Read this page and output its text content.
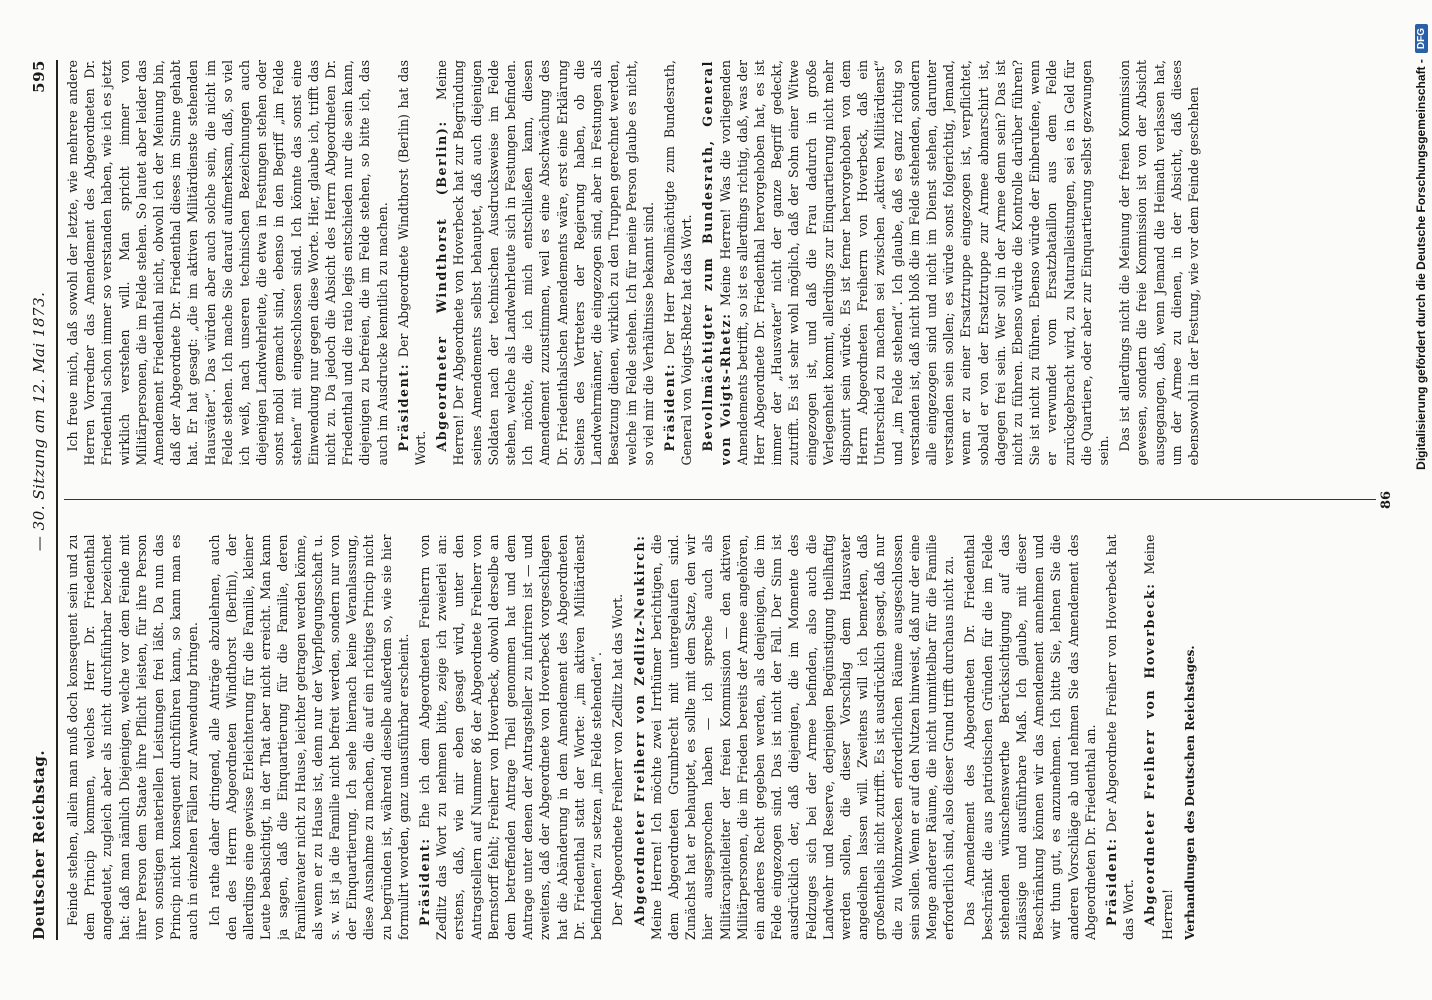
Deutscher Reichstag.
— 30. Sitzung am 12. Mai 1873.
595

Feinde stehen, allein man muß doch konsequent sein und zu dem Princip kommen, welches Herr Dr. Friedenthal angedeutet, zugleich aber als nicht durchführbar bezeichnet hat: daß man nämlich Diejenigen, welche vor dem Feinde mit ihrer Person dem Staate ihre Pflicht leisten, für ihre Person von sonstigen materiellen Leistungen frei läßt. Da nun das Princip nicht konsequent durchführen kann, so kann man es auch in einzelnen Fällen zur Anwendung bringen. Ich rathe daher dringend, alle Anträge abzulehnen, auch den des Herrn Abgeordneten Windthorst (Berlin), der allerdings eine gewisse Erleichterung für die Familie, kleiner Leute beabsichtigt, in der That aber nicht erreicht. Man kann ja sagen, daß die Einquartierung für die Familie, deren Familienvater nicht zu Hause, leichter getragen werden könne, als wenn er zu Hause ist, denn nur der Verpflegungsschaft u. s. w. ist ja die Familie nicht befreit werden, sondern nur von der Einquartierung. Ich sehe hiernach keine Veranlassung, diese Ausnahme zu machen, die auf ein richtiges Princip nicht zu begründen ist, während dieselbe außerdem so, wie sie hier formulirt worden, ganz unausführbar erscheint. Präsident: Ehe ich dem Abgeordneten Freiherrn von Zedlitz das Wort zu nehmen bitte, zeige ich zweierlei an: erstens, daß, wie mir eben gesagt wird, unter den Antragstellern auf Nummer 86 der Abgeordnete Freiherr von Bernstorff fehlt; Freiherr von Hoverbeck, obwohl derselbe an dem betreffenden Antrage Theil genommen hat und dem Antrage unter denen der Antragsteller zu infuriren ist — und zweitens, daß der Abgeordnete von Hoverbeck vorgeschlagen hat die Abänderung in dem Amendement des Abgeordneten Dr. Friedenthal statt der Worte: „im aktiven Militärdienst befindenen“ zu setzen „im Felde stehenden“. Der Abgeordnete Freiherr von Zedlitz hat das Wort. Abgeordneter Freiherr von Zedlitz-Neukirch: Meine Herren! Ich möchte zwei Irrthümer berichtigen, die dem Abgeordneten Grumbrecht mit untergelaufen sind. Zunächst hat er behauptet, es sollte mit dem Satze, den wir hier ausgesprochen haben — ich spreche auch als Militärcapitelleiter der freien Kommission — den aktiven Militärpersonen, die im Frieden bereits der Armee angehören, ein anderes Recht gegeben werden, als denjenigen, die im Felde eingezogen sind. Das ist nicht der Fall. Der Sinn ist ausdrücklich der, daß diejenigen, die im Momente des Feldzuges sich bei der Armee befinden, also auch die Landwehr und Reserve, derjenigen Begünstigung theilhaftig werden sollen, die dieser Vorschlag dem Hausvater angedeihen lassen will. Zweitens will ich bemerken, daß großentheils nicht zutrifft. Es ist ausdrücklich gesagt, daß nur die zu Wohnzwecken erforderlichen Räume ausgeschlossen sein sollen. Wenn er auf den Nutzen hinweist, daß nur der eine Menge anderer Räume, die nicht unmittelbar für die Familie erforderlich sind, also dieser Grund trifft durchaus nicht zu. Das Amendement des Abgeordneten Dr. Friedenthal beschränkt die aus patriotischen Gründen für die im Felde stehenden wünschenswerthe Berücksichtigung auf das zulässige und ausführbare Maß. Ich glaube, mit dieser Beschränkung können wir das Amendement annehmen und wir thun gut, es anzunehmen. Ich bitte Sie, lehnen Sie die anderen Vorschläge ab und nehmen Sie das Amendement des Abgeordneten Dr. Friedenthal an. Präsident: Der Abgeordnete Freiherr von Hoverbeck hat das Wort. Abgeordneter Freiherr von Hoverbeck: Meine Herren! Verhandlungen des Deutschen Reichstages.

Ich freue mich, daß sowohl der letzte, wie mehrere andere Herren Vorredner das Amendement des Abgeordneten Dr. Friedenthal schon immer so verstanden haben, wie ich es jetzt wirklich verstehen will. Man spricht immer von Militärpersonen, die im Felde stehen. So lautet aber leider das Amendement Friedenthal nicht, obwohl ich der Meinung bin, daß der Abgeordnete Dr. Friedenthal dieses im Sinne gehabt hat. Er hat gesagt: „die im aktiven Militärdienste stehenden Hausväter“. Das würden aber auch solche sein, die nicht im Felde stehen. Ich mache Sie darauf aufmerksam, daß, so viel ich weiß, nach unseren technischen Bezeichnungen auch diejenigen Landwehrleute, die etwa in Festungen stehen oder sonst mobil gemacht sind, ebenso in den Begriff „im Felde stehen“ mit eingeschlossen sind. Ich könnte das sonst eine Einwendung nur gegen diese Worte. Hier, glaube ich, trifft das nicht zu. Da jedoch die Absicht des Herrn Abgeordneten Dr. Friedenthal und die ratio legis entschieden nur die sein kann, diejenigen zu befreien, die im Felde stehen, so bitte ich, das auch im Ausdrucke kenntlich zu machen. Präsident: Der Abgeordnete Windthorst (Berlin) hat das Wort. Abgeordneter Windthorst (Berlin): Meine Herren! Der Abgeordnete von Hoverbeck hat zur Begründung seines Amendements selbst behauptet, daß auch diejenigen Soldaten nach der technischen Ausdrucksweise im Felde stehen, welche als Landwehrleute sich in Festungen befinden. Ich möchte, die ich mich entschließen kann, diesen Amendement zuzustimmen, weil es eine Abschwächung des Dr. Friedenthalschen Amendements wäre, erst eine Erklärung Seitens des Vertreters der Regierung haben, ob die Landwehrmänner, die eingezogen sind, aber in Festungen als Besatzung dienen, wirklich zu den Truppen gerechnet werden, welche im Felde stehen. Ich für meine Person glaube es nicht, so viel mir die Verhältnisse bekannt sind. Präsident: Der Herr Bevollmächtigte zum Bundesrath, General von Voigts-Rhetz hat das Wort. Bevollmächtigter zum Bundesrath, General von Voigts-Rhetz: Meine Herren! Was die vorliegenden Amendements betrifft, so ist es allerdings richtig, daß, was der Herr Abgeordnete Dr. Friedenthal hervorgehoben hat, es ist immer der „Hausvater“ nicht der ganze Begriff gedeckt, zutrifft. Es ist sehr wohl möglich, daß der Sohn einer Witwe eingezogen ist, und daß die Frau dadurch in große Verlegenheit kommt, allerdings zur Einquartierung nicht mehr disponirt sein würde. Es ist ferner hervorgehoben von dem Herrn Abgeordneten Freiherrn von Hoverbeck, daß ein Unterschied zu machen sei zwischen „aktiven Militärdienst“ und „im Felde stehend“. Ich glaube, daß es ganz richtig so verstanden ist, daß nicht bloß die im Felde stehenden, sondern alle eingezogen sind und nicht im Dienst stehen, darunter verstanden sein sollen; es würde sonst folgerichtig, Jemand, wenn er zu einer Ersatztruppe eingezogen ist, verpflichtet, sobald er von der Ersatztruppe zur Armee abmarschirt ist, dagegen frei sein. Wer soll in der Armee denn sein? Das ist nicht zu führen. Ebenso würde die Kontrolle darüber führen? Sie ist nicht zu führen. Ebenso würde der Einberufene, wenn er verwundet vom Ersatzbataillon aus dem Felde zurückgebracht wird, zu Naturalleistungen, sei es in Geld für die Quartiere, oder aber zur Einquartierung selbst gezwungen sein. Das ist allerdings nicht die Meinung der freien Kommission gewesen, sondern die freie Kommission ist von der Absicht ausgegangen, daß, wenn Jemand die Heimath verlassen hat, um der Armee zu dienen, in der Absicht, daß dieses ebensowohl in der Festung, wie vor dem Feinde geschehen

86
Digitalisierung gefördert durch die Deutsche Forschungsgemeinschaft -
DFG
